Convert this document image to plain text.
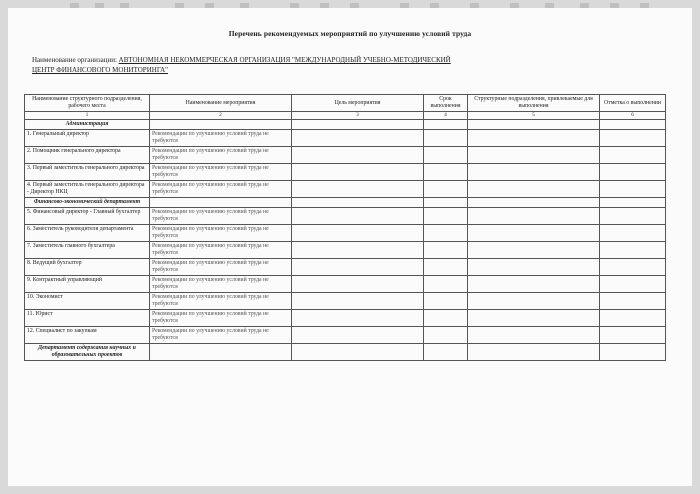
Перечень рекомендуемых мероприятий по улучшению условий труда
Наименование организации: АВТОНОМНАЯ НЕКОММЕРЧЕСКАЯ ОРГАНИЗАЦИЯ "МЕЖДУНАРОДНЫЙ УЧЕБНО-МЕТОДИЧЕСКИЙ
ЦЕНТР ФИНАНСОВОГО МОНИТОРИНГА"
Наименование структурного подразделения, рабочего места	Наименование мероприятия	Цель мероприятия	Срок выполнения	Структурные подразделения, привлекаемые для выполнения	Отметка о выполнении
1	2	3	4	5	6
Администрация					
1. Генеральный директор	Рекомендации по улучшению условий труда не требуются				
2. Помощник генерального директора	Рекомендации по улучшению условий труда не требуются				
3. Первый заместитель генерального директора	Рекомендации по улучшению условий труда не требуются				
4. Первый заместитель генерального директора - Директор НКЦ	Рекомендации по улучшению условий труда не требуются				
Финансово-экономический департамент					
5. Финансовый директор - Главный бухгалтер	Рекомендации по улучшению условий труда не требуются				
6. Заместитель руководителя департамента	Рекомендации по улучшению условий труда не требуются				
7. Заместитель главного бухгалтера	Рекомендации по улучшению условий труда не требуются				
8. Ведущий бухгалтер	Рекомендации по улучшению условий труда не требуются				
9. Контрактный управляющий	Рекомендации по улучшению условий труда не требуются				
10. Экономист	Рекомендации по улучшению условий труда не требуются				
11. Юрист	Рекомендации по улучшению условий труда не требуются				
12. Специалист по закупкам	Рекомендации по улучшению условий труда не требуются				
Департамент содержания научных и образовательных проектов					
